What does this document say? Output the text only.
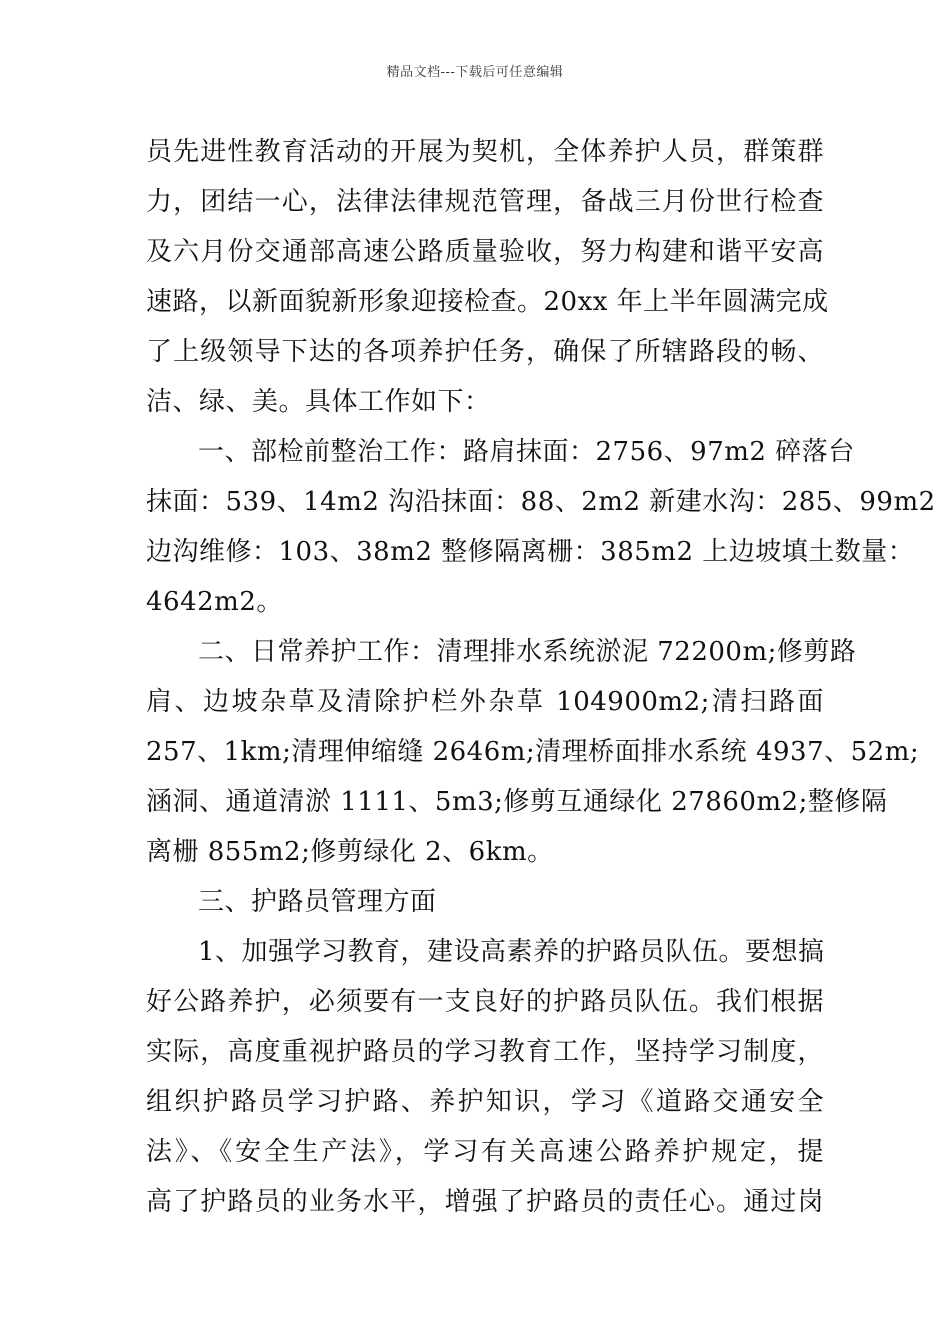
精品文档---下载后可任意编辑
员先进性教育活动的开展为契机，全体养护人员，群策群
力，团结一心，法律法律规范管理，备战三月份世行检查
及六月份交通部高速公路质量验收，努力构建和谐平安高
速路，以新面貌新形象迎接检查。20xx 年上半年圆满完成
了上级领导下达的各项养护任务，确保了所辖路段的畅、
洁、绿、美。具体工作如下：
一、部检前整治工作：路肩抹面：2756、97m2 碎落台
抹面：539、14m2 沟沿抹面：88、2m2 新建水沟：285、99m2
边沟维修：103、38m2 整修隔离栅：385m2 上边坡填土数量：
4642m2。
二、日常养护工作：清理排水系统淤泥 72200m;修剪路
肩、边坡杂草及清除护栏外杂草 104900m2;清扫路面
257、1km;清理伸缩缝 2646m;清理桥面排水系统 4937、52m;
涵洞、通道清淤 1111、5m3;修剪互通绿化 27860m2;整修隔
离栅 855m2;修剪绿化 2、6km。
三、护路员管理方面
1、加强学习教育，建设高素养的护路员队伍。要想搞
好公路养护，必须要有一支良好的护路员队伍。我们根据
实际，高度重视护路员的学习教育工作，坚持学习制度，
组织护路员学习护路、养护知识，学习《道路交通安全
法》、《安全生产法》，学习有关高速公路养护规定，提
高了护路员的业务水平，增强了护路员的责任心。通过岗
